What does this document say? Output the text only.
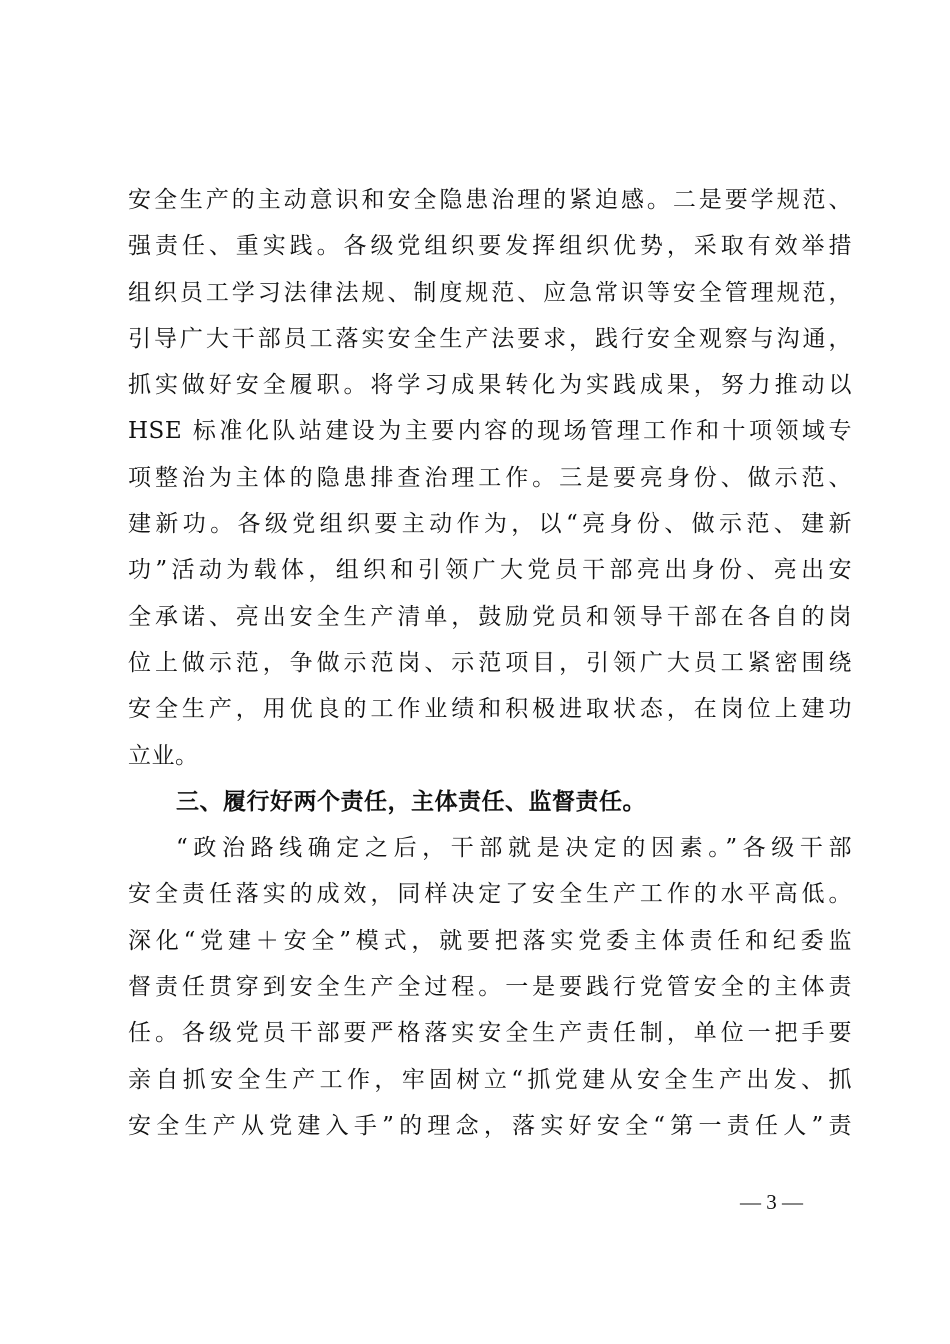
安全生产的主动意识和安全隐患治理的紧迫感。二是要学规范、
强责任、重实践。各级党组织要发挥组织优势，采取有效举措
组织员工学习法律法规、制度规范、应急常识等安全管理规范，
引导广大干部员工落实安全生产法要求，践行安全观察与沟通，
抓实做好安全履职。将学习成果转化为实践成果，努力推动以
HSE 标准化队站建设为主要内容的现场管理工作和十项领域专
项整治为主体的隐患排查治理工作。三是要亮身份、做示范、
建新功。各级党组织要主动作为，以“亮身份、做示范、建新
功”活动为载体，组织和引领广大党员干部亮出身份、亮出安
全承诺、亮出安全生产清单，鼓励党员和领导干部在各自的岗
位上做示范，争做示范岗、示范项目，引领广大员工紧密围绕
安全生产，用优良的工作业绩和积极进取状态，在岗位上建功
立业。
三、履行好两个责任，主体责任、监督责任。
“政治路线确定之后，干部就是决定的因素。”各级干部
安全责任落实的成效，同样决定了安全生产工作的水平高低。
深化“党建＋安全”模式，就要把落实党委主体责任和纪委监
督责任贯穿到安全生产全过程。一是要践行党管安全的主体责
任。各级党员干部要严格落实安全生产责任制，单位一把手要
亲自抓安全生产工作，牢固树立“抓党建从安全生产出发、抓
安全生产从党建入手”的理念，落实好安全“第一责任人”责
— 3 —
